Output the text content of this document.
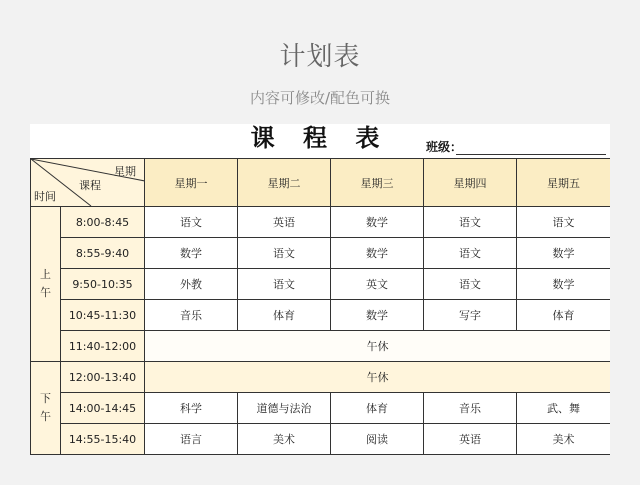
计划表
内容可修改/配色可换
课 程 表	班级：
星期
课程
时间		星期一	星期二	星期三	星期四	星期五
上午	8:00-8:45	语文	英语	数学	语文	语文
	8:55-9:40	数学	语文	数学	语文	数学
	9:50-10:35	外教	语文	英文	语文	数学
	10:45-11:30	音乐	体育	数学	写字	体育
	11:40-12:00	午休				
下午	12:00-13:40	午休				
	14:00-14:45	科学	道德与法治	体育	音乐	武、舞
	14:55-15:40	语言	美术	阅读	英语	美术
